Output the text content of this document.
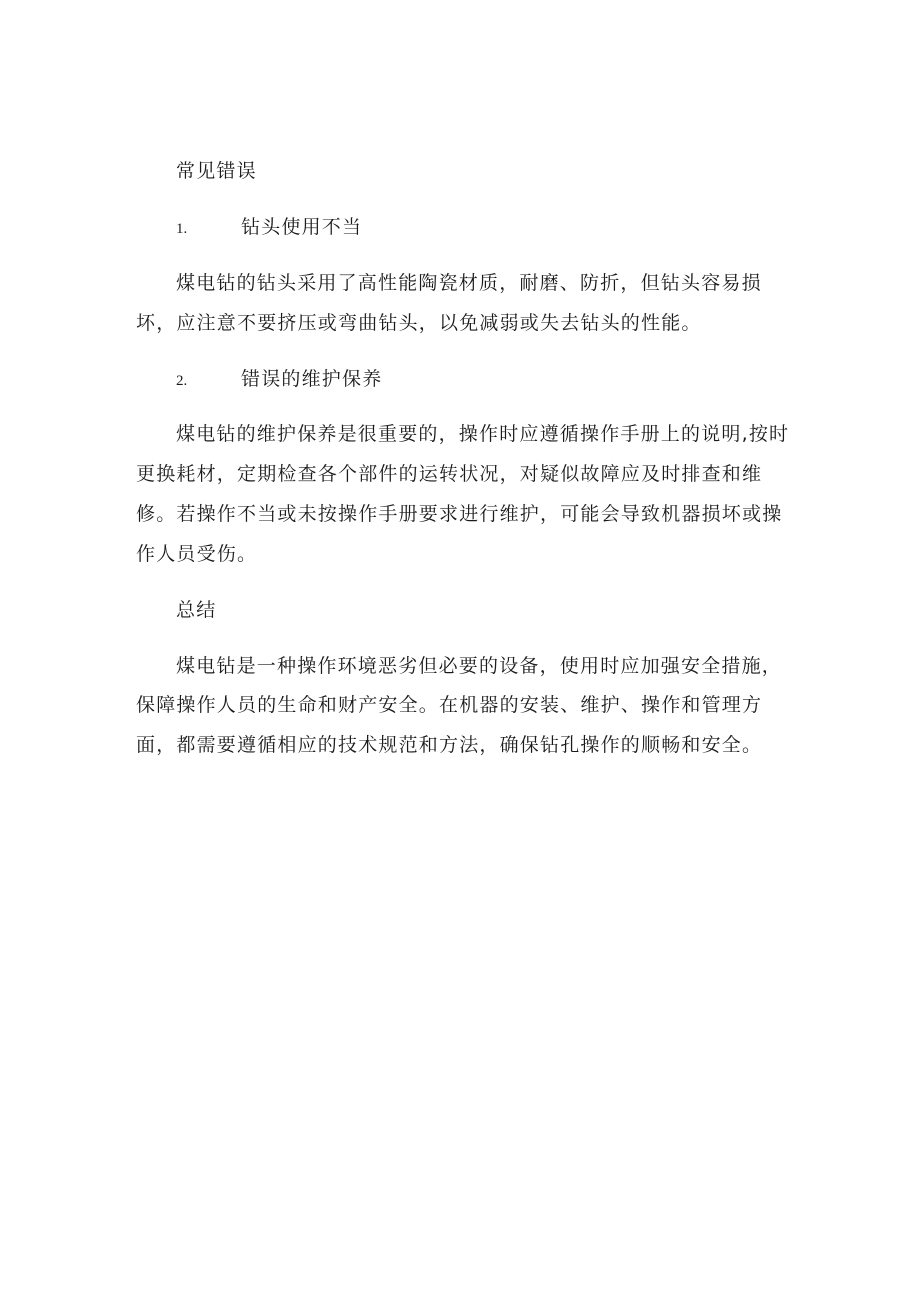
常见错误
1.	钻头使用不当
煤电钻的钻头采用了高性能陶瓷材质，耐磨、防折，但钻头容易损
坏，应注意不要挤压或弯曲钻头，以免减弱或失去钻头的性能。
2.	错误的维护保养
煤电钻的维护保养是很重要的，操作时应遵循操作手册上的说明,按时
更换耗材，定期检查各个部件的运转状况，对疑似故障应及时排查和维
修。若操作不当或未按操作手册要求进行维护，可能会导致机器损坏或操
作人员受伤。
总结
煤电钻是一种操作环境恶劣但必要的设备，使用时应加强安全措施，
保障操作人员的生命和财产安全。在机器的安装、维护、操作和管理方
面，都需要遵循相应的技术规范和方法，确保钻孔操作的顺畅和安全。
